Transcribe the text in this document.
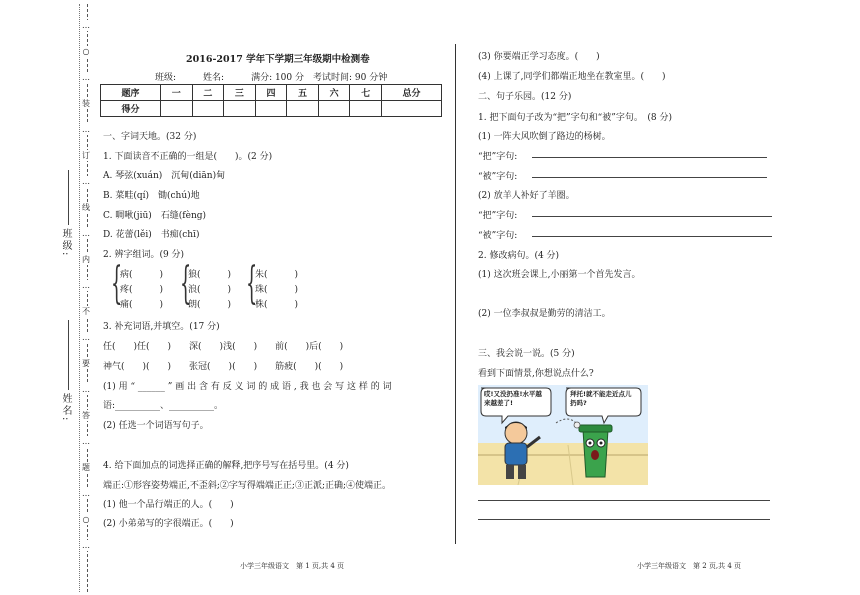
…
○
…
装
…
订
…
线
…
内
…
不
…
要
…
答
…
题
…
○
…
班级:
姓名:
2016-2017 学年下学期三年级期中检测卷
班级:　　　姓名:　　　满分: 100 分　考试时间: 90 分钟
题序	一	二	三	四	五	六	七	总分
得分								
一、字词天地。(32 分)
1. 下面读音不正确的一组是(　　)。(2 分)
A. 琴弦(xuán)　沉甸(diān)甸
B. 菜畦(qí)　锄(chú)地
C. 啁啾(jiū)　石缝(fèng)
D. 花蕾(lěi)　书痴(chī)
2. 辨字组词。(9 分)
{
病(　　　)
疼(　　　)
痛(　　　) {
狼(　　　)
浪(　　　)
朗(　　　) {
朱(　　　)
珠(　　　)
株(　　　)
3. 补充词语,并填空。(17 分)
任(　　)任(　　)　　深(　　)浅(　　)　　前(　　)后(　　)
神气(　　)(　　)　　张冠(　　)(　　)　　筋疲(　　)(　　)
(1) 用 “ ______ ” 画 出 含 有 反 义 词 的 成 语 , 我 也 会 写 这 样 的 词
语:__________、__________。
(2) 任选一个词语写句子。
4. 给下面加点的词选择正确的解释,把序号写在括号里。(4 分)
端正:①形容姿势端正,不歪斜;②字写得端端正正;③正派;正确;④使端正。
(1) 他一个品行端正的人。(　　)
(2) 小弟弟写的字很端正。(　　)
小学三年级语文　第 1 页,共 4 页
(3) 你要端正学习态度。(　　)
(4) 上课了,同学们都端正地坐在教室里。(　　)
二、句子乐园。(12 分)
1. 把下面句子改为“把”字句和“被”字句。　(8 分)
(1) 一阵大风吹倒了路边的杨树。
“把”字句:
“被”字句:
(2) 放羊人补好了羊圈。
“把”字句:
“被”字句:
2. 修改病句。(4 分)
(1) 这次班会课上,小丽第一个首先发言。
(2) 一位李叔叔是勤劳的清洁工。
三、我会说一说。(5 分)
看到下面情景,你想说点什么?
哎!又没扔准!水平越来越差了!
拜托!就不能走近点儿扔吗?
小学三年级语文　第 2 页,共 4 页
